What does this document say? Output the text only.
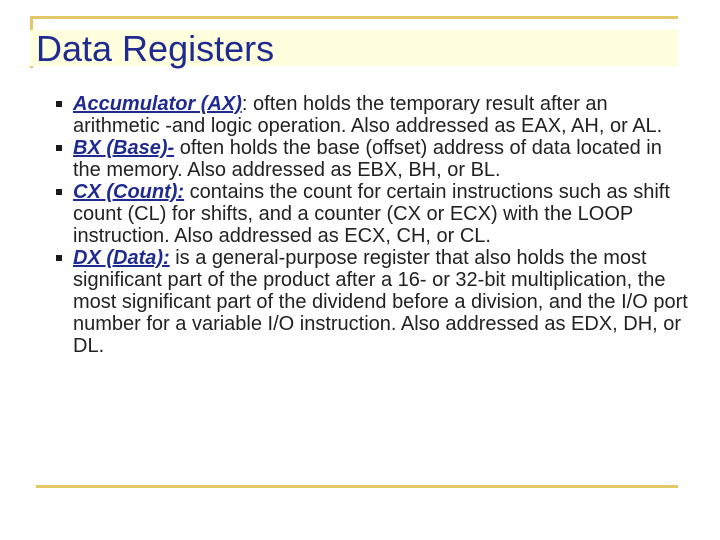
Data Registers
Accumulator (AX): often holds the temporary result after an arithmetic -and logic operation. Also addressed as EAX, AH, or AL.
BX (Base)- often holds the base (offset) address of data located in the memory. Also addressed as EBX, BH, or BL.
CX (Count): contains the count for certain instructions such as shift count (CL) for shifts, and a counter (CX or ECX) with the LOOP instruction. Also addressed as ECX, CH, or CL.
DX (Data): is a general-purpose register that also holds the most significant part of the product after a 16- or 32-bit multiplication, the most significant part of the dividend before a division, and the I/O port number for a variable I/O instruction. Also addressed as EDX, DH, or DL.
